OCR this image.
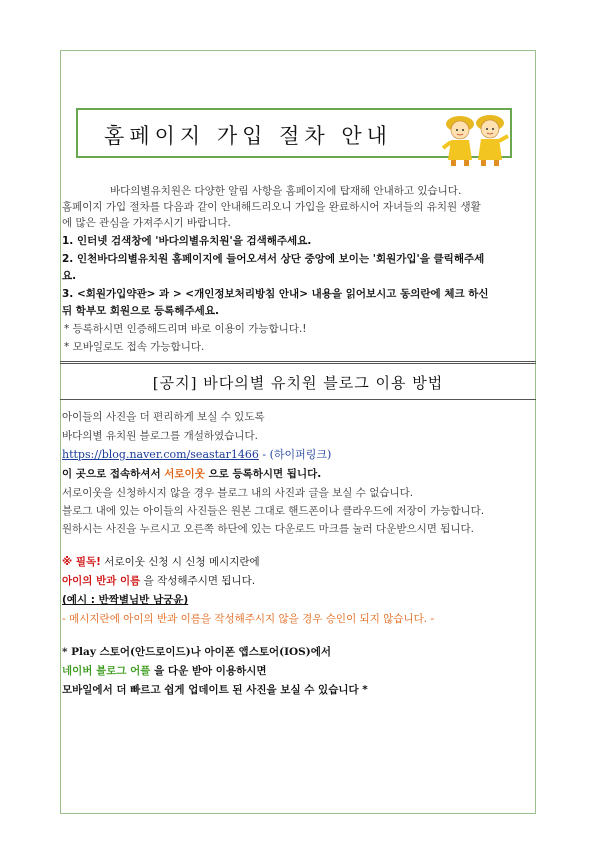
홈페이지 가입 절차 안내
바다의별유치원은 다양한 알림 사항을 홈페이지에 탑재해 안내하고 있습니다.
홈페이지 가입 절차를 다음과 같이 안내해드리오니 가입을 완료하시어 자녀들의 유치원 생활
에 많은 관심을 가져주시기 바랍니다.
1. 인터넷 검색창에 '바다의별유치원'을 검색해주세요.
2. 인천바다의별유치원 홈페이지에 들어오셔서 상단 중앙에 보이는 '회원가입'을 클릭해주세
요.
3. <회원가입약관> 과 > <개인정보처리방침 안내> 내용을 읽어보시고 동의란에 체크 하신
뒤 학부모 회원으로 등록해주세요.
* 등록하시면 인증해드리며 바로 이용이 가능합니다.!
* 모바일로도 접속 가능합니다.
[공지] 바다의별 유치원 블로그 이용 방법
아이들의 사진을 더 편리하게 보실 수 있도록
바다의별 유치원 블로그를 개설하였습니다.
https://blog.naver.com/seastar1466 - (하이퍼링크)
이 곳으로 접속하셔서 서로이웃 으로 등록하시면 됩니다.
서로이웃을 신청하시지 않을 경우 블로그 내의 사진과 글을 보실 수 없습니다.
블로그 내에 있는 아이들의 사진들은 원본 그대로 핸드폰이나 클라우드에 저장이 가능합니다.
원하시는 사진을 누르시고 오른쪽 하단에 있는 다운로드 마크를 눌러 다운받으시면 됩니다.
※ 필독! 서로이웃 신청 시 신청 메시지란에
아이의 반과 이름 을 작성해주시면 됩니다.
(예시 : 반짝별님반 남궁윤)
- 메시지란에 아이의 반과 이름을 작성해주시지 않을 경우 승인이 되지 않습니다. -
* Play 스토어(안드로이드)나 아이폰 앱스토어(IOS)에서
네이버 블로그 어플 을 다운 받아 이용하시면
모바일에서 더 빠르고 쉽게 업데이트 된 사진을 보실 수 있습니다 *
